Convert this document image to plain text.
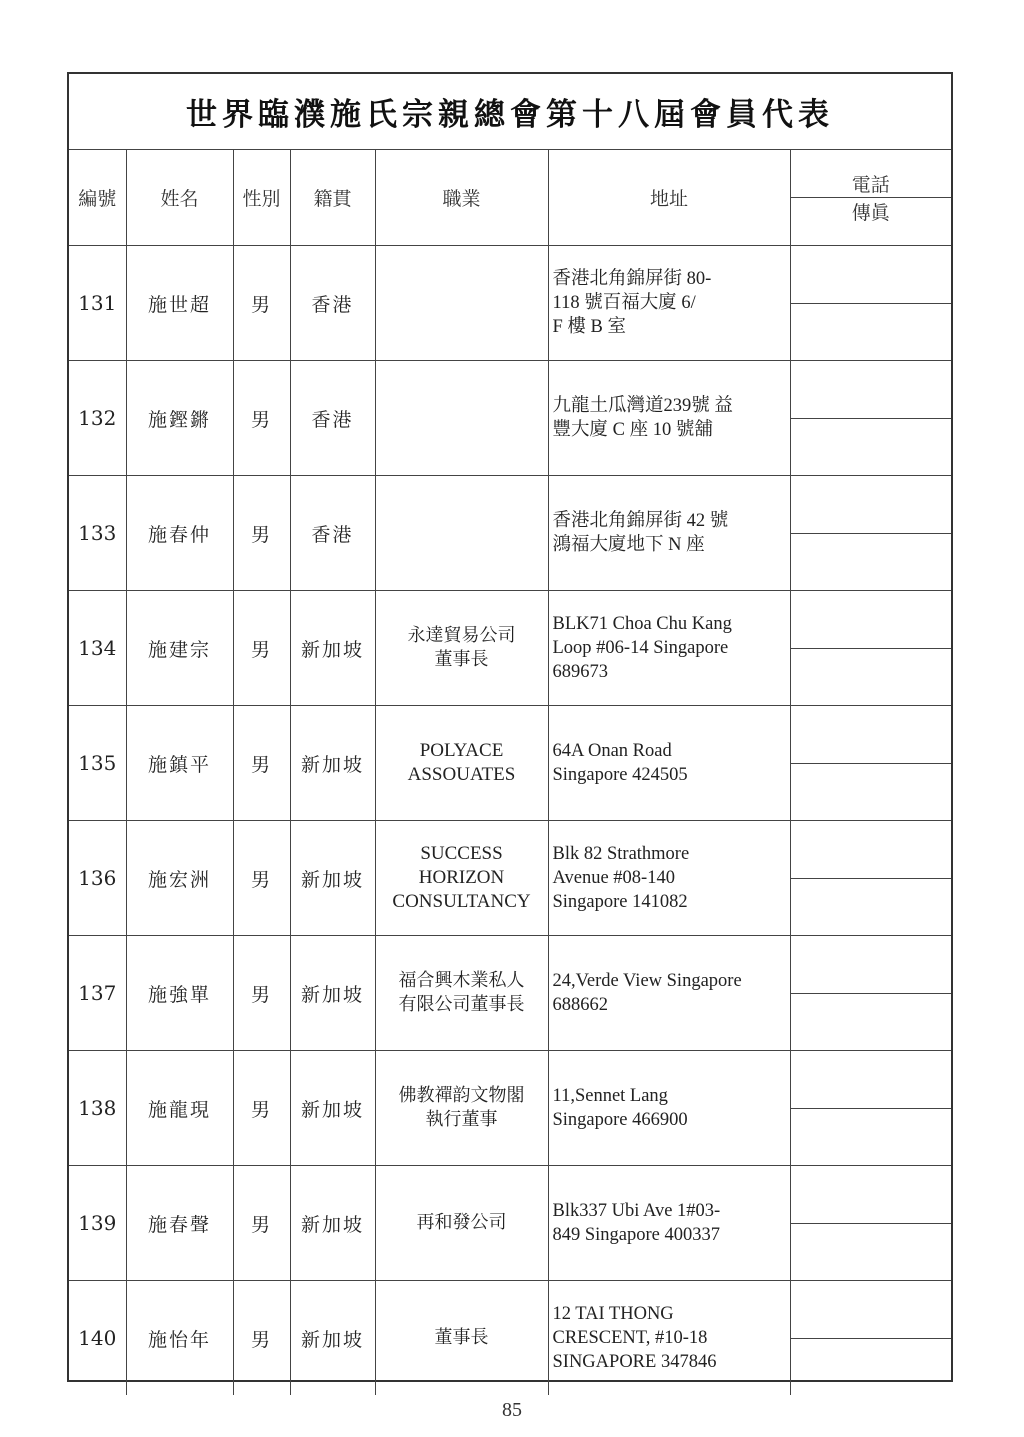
世界臨濮施氏宗親總會第十八屆會員代表
編號	姓名	性別	籍貫	職業	地址	電話
傳眞

131	施世超	男	香港		香港北角錦屏街 80-
118 號百福大廈 6/
F 樓 B 室	

132	施鏗鏘	男	香港		九龍土瓜灣道239號 益
豐大廈 C 座 10 號舖	

133	施春仲	男	香港		香港北角錦屏街 42 號
鴻福大廈地下 N 座	

134	施建宗	男	新加坡	永達貿易公司
董事長	BLK71 Choa Chu Kang
Loop #06-14 Singapore
689673	

135	施鎮平	男	新加坡	POLYACE
ASSOUATES	64A Onan Road
Singapore 424505	

136	施宏洲	男	新加坡	SUCCESS
HORIZON
CONSULTANCY	Blk 82 Strathmore
Avenue #08-140
Singapore 141082	

137	施強單	男	新加坡	福合興木業私人
有限公司董事長	24,Verde View Singapore
688662	

138	施龍現	男	新加坡	佛教禪韵文物閣
執行董事	11,Sennet Lang
Singapore 466900	

139	施春聲	男	新加坡	再和發公司	Blk337 Ubi Ave 1#03-
849 Singapore 400337	

140	施怡年	男	新加坡	董事長	12 TAI THONG
CRESCENT, #10-18
SINGAPORE 347846	
85
